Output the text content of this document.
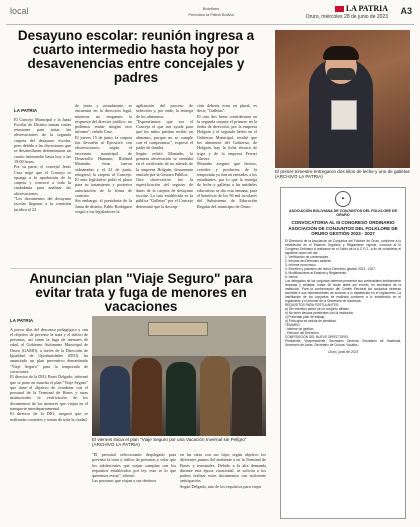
local	Boletines
Periódico la Patria Bolivia
LA PATRIA
Oruro, miércoles 28 de junio de 2023
A3
Desayuno escolar: reunión ingresa a cuarto intermedio hasta hoy por desavenencias entre concejales y padres

LA PATRIA
El Concejo Municipal y la Junta Escolar de Distrito suman varias reuniones para tratar las observaciones de la segunda carpeta del desayuno escolar, pero debido a las discusiones que se desarrollaron determinaron un cuarto intermedio hasta hoy a las 19:00 horas.
Por su parte, el concejal Jesús Cruz negó que el Concejo se oponga a la aprobación de la carpeta y convocó a toda la ciudadanía para analizar las observaciones.
"Los documentos del desayuno escolar llegaron a la comisión jurídica el 22

de junio y actualmente, se encuentra en la dirección legal, mientras no tengamos la respuesta del director jurídico, no podemos emitir ningún otro informe", señaló Cruz.
El jueves 15 de junio, la carpeta fue devuelta al Ejecutivo con observaciones; según el secretario municipal de Desarrollo Humano, Richard Montaño, éstas fueron subsanadas y el 22 de junio, reingresó la carpeta al Concejo. El ente legislativo pidió el plazo para su tratamiento y posterior autorización de la firma de contrato.
Sin embargo, el presidente de la Junta de distrito, Pablo Rodríguez exigió a los legisladores la
agilización del proceso de selección y, por ende, la entrega de los alimentos.
"Esperaríamos que sea el Concejo el que nos ayude para que los niños puedan recibir un alimento, porque no se cumple con el compromiso", expresó el padre de familia.
Según refirió Montaño, la primera observación se centraba en el certificado de no adeudo de la empresa Holguín, documento emitido por la Gestora Pública.
Otra observación fue la especificación del registro de datos de la carpeta de desayuno escolar. La ruta establecida es la pública "Galletas" por el Concejo determinó que la descrip-
ción debería estar en plural, es decir, "Galletas".
El otro dos horas consideraron en la segunda carpeta el primero en la firma de dirección, por la empresa Holguín y el segundo hecho en el Gobierno Municipal, resaltó que los alimentos del Gobierno, de Holguín, hay la ficha técnica de trigo y de la empresa Ferrari Ghezzi.
Montaño aseguró que lácteos, cereales y productos de la temporada ya fueron enviados a los estudiantes, por lo que la entrega de leche y galletas a las unidades educativas se dio esta semana, para el beneficio de los 96 mil escolares del Subsistema de Educación Regular del municipio de Oruro.
El primer trimestre entregaron dos kilos de leche y uno de galletas (ARCHIVO LA PATRIA)
✦
ASOCIACIÓN BOLIVIANA DE CONJUNTOS DEL FOLKLORE DE ORURO
CONVOCATORIA AL III CONGRESO ORDINARIO ASOCIACIÓN DE CONJUNTOS DEL FOLKLORE DE ORURO GESTIÓN 2023 - 2027
El Directorio de la Asociación de Conjuntos del Folklore de Oruro, conforme a lo establecido en el Estatuto Orgánico y Reglamento vigente, convoca al III Congreso Ordinario a realizarse en el Salón de la A.C.F.O., a fin de considerar el siguiente orden del día:
1. Verificación de credenciales.
2. Informe del Directorio saliente.
3. Informe económico.
4. Elección y posesión del nuevo Directorio gestión 2023 - 2027.
5. Modificaciones al Estatuto y Reglamento.
6. Varios.
Los delegados de los conjuntos deberán presentar sus credenciales debidamente firmadas y selladas, hasta 48 horas antes del evento, en secretaría de la institución. Para la conformación del Comité Electoral los conjuntos deberán acreditar a sus representantes de acuerdo a lo establecido en el reglamento. La habilitación de los conjuntos se realizará conforme a lo establecido en el reglamento y el informe de la Secretaría de Hacienda.
REQUISITOS PARA POSTULANTES:
a) Ser miembro activo de un conjunto afiliado.
b) No tener deudas pendientes con la institución.
c) Presentar plan de trabajo.
d) Fotocopia de cédula de identidad.
TEMARIO:
- Informe de gestión.
- Elección del Directorio.
COMPOSICIÓN DEL NUEVO DIRECTORIO:
Presidente, Vicepresidente, Secretario General, Secretario de Hacienda, Secretario de Actas, Secretario de Cultura, Vocales.
Oruro, junio de 2023
Anuncian plan "Viaje Seguro" para evitar trata y fuga de menores en vacaciones

LA PATRIA
A pocos días del descanso pedagógico y con el objetivo de prevenir la trata y el tráfico de personas, así como la fuga de menores de edad, el Gobierno Autónomo Municipal de Oruro (GAMO), a través de la Dirección de Igualdad de Oportunidades (DIO), ha anunciado un plan preventivo denominado "Viaje Seguro" para la temporada de vacaciones.
El director de la DIO, Boris Delgado, informó que se pone en marcha el plan "Viaje Seguro" que tiene el objetivo de coordinar con el personal de la Terminal de Buses y otras instituciones la verificación de los documentos de los menores que viajan en el transporte interdepartamental.
El director de la DIO, aseguró que se realizarán controles y tomas de toda la ciudad.

El viernes inicia el plan "Viaje Seguro por una Vacación Invernal sin Peligro" (ARCHIVO LA PATRIA)
"El personal seleccionado desplegado para prevenir la trata y tráfico de personas y velar que los adolescentes que viajan cumplan con los requisitos establecidos por ley, esto se lo que queremos evitar", afirmó.
Las personas que viajan a sus destinos
en las salas con sus hijos según objetivo los diferentes puntos del ambiente o en la Terminal de Buses y terminales. Debido a la alta demanda durante esta época vacacional, se solicita a los padres realizar estos documentos con suficiente anticipación.
Según Delgado, uno de los requisitos para viajar
